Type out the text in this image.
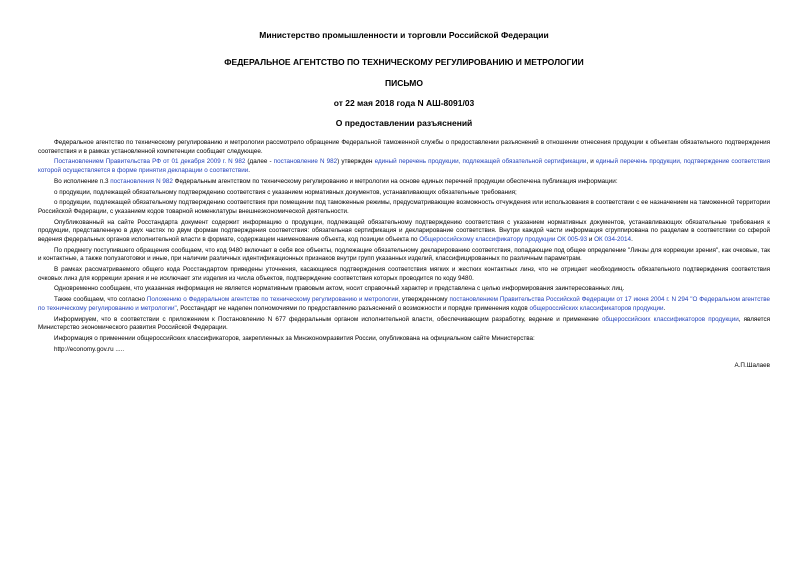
Министерство промышленности и торговли Российской Федерации
ФЕДЕРАЛЬНОЕ АГЕНТСТВО ПО ТЕХНИЧЕСКОМУ РЕГУЛИРОВАНИЮ И МЕТРОЛОГИИ
ПИСЬМО
от 22 мая 2018 года N АШ-8091/03
О предоставлении разъяснений

Федеральное агентство по техническому регулированию и метрологии рассмотрело обращение Федеральной таможенной службы о предоставлении разъяснений в отношении отнесения продукции к объектам обязательного подтверждения соответствия и в рамках установленной компетенции сообщает следующее.

Постановлением Правительства РФ от 01 декабря 2009 г. N 982 (далее - постановление N 982) утвержден единый перечень продукции, подлежащей обязательной сертификации, и единый перечень продукции, подтверждение соответствия которой осуществляется в форме принятия декларации о соответствии.

Во исполнение п.3 постановления N 982 Федеральным агентством по техническому регулированию и метрологии на основе единых перечней продукции обеспечена публикация информации:

о продукции, подлежащей обязательному подтверждению соответствия с указанием нормативных документов, устанавливающих обязательные требования;

о продукции, подлежащей обязательному подтверждению соответствия при помещении под таможенные режимы, предусматривающие возможность отчуждения или использования в соответствии с ее назначением на таможенной территории Российской Федерации, с указанием кодов товарной номенклатуры внешнеэкономической деятельности.

Опубликованный на сайте Росстандарта документ содержит информацию о продукции, подлежащей обязательному подтверждению соответствия с указанием нормативных документов, устанавливающих обязательные требования к продукции, представленную в двух частях по двум формам подтверждения соответствия: обязательная сертификация и декларирование соответствия. Внутри каждой части информация сгруппирована по разделам в соответствии со сферой ведения федеральных органов исполнительной власти в формате, содержащем наименование объекта, код позиции объекта по Общероссийскому классификатору продукции ОК 005-93 и ОК 034-2014.

По предмету поступившего обращения сообщаем, что код 9480 включает в себя все объекты, подлежащие обязательному декларированию соответствия, попадающие под общее определение "Линзы для коррекции зрения", как очковые, так и контактные, а также полузаготовки и иные, при наличии различных идентификационных признаков внутри групп указанных изделий, классифицированных по различным параметрам.

В рамках рассматриваемого общего кода Росстандартом приведены уточнения, касающиеся подтверждения соответствия мягких и жестких контактных линз, что не отрицает необходимость обязательного подтверждения соответствия очковых линз для коррекции зрения и не исключает эти изделия из числа объектов, подтверждение соответствия которых проводится по коду 9480.

Одновременно сообщаем, что указанная информация не является нормативным правовым актом, носит справочный характер и представлена с целью информирования заинтересованных лиц.

Также сообщаем, что согласно Положению о Федеральном агентстве по техническому регулированию и метрологии, утвержденному постановлением Правительства Российской Федерации от 17 июня 2004 г. N 294 "О Федеральном агентстве по техническому регулированию и метрологии", Росстандарт не наделен полномочиями по предоставлению разъяснений о возможности и порядке применения кодов общероссийских классификаторов продукции.

Информируем, что в соответствии с приложением к Постановлению N 677 федеральным органом исполнительной власти, обеспечивающим разработку, ведение и применение общероссийских классификаторов продукции, является Министерство экономического развития Российской Федерации.

Информация о применении общероссийских классификаторов, закрепленных за Минэкономразвития России, опубликована на официальном сайте Министерства:

http://economy.gov.ru .....

А.П.Шалаев
